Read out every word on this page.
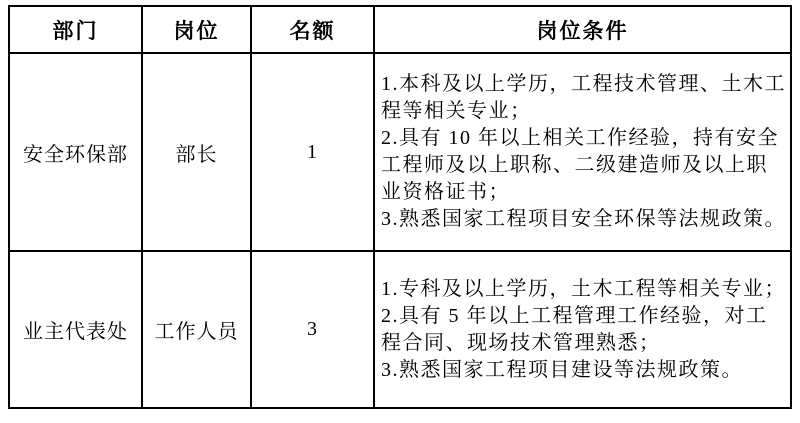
部门	岗位	名额	岗位条件
安全环保部	部长	1	1.本科及以上学历，工程技术管理、土木工程等相关专业；
2.具有 10 年以上相关工作经验，持有安全工程师及以上职称、二级建造师及以上职业资格证书；
3.熟悉国家工程项目安全环保等法规政策。

业主代表处	工作人员	3	1.专科及以上学历，土木工程等相关专业；
2.具有 5 年以上工程管理工作经验，对工程合同、现场技术管理熟悉；
3.熟悉国家工程项目建设等法规政策。
